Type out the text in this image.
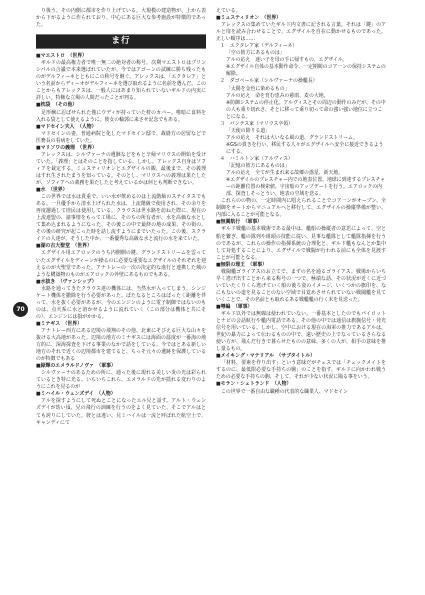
り扱う。その内側に都市を作り上げている。大規模の建造物が、上から表から下がるように作られており、中心にある巨大な参考施設が特徴的であった。

ま行

■マエストロ　（世界）

ギルドの最高権力者で唯一無二の絶対者の称号。次期マエストロはプリンシパルの合議で本来選ばれていたが、今ではアゴーンの試練に勝ち残ったものがデルフィーネとともにこの称号を継ぐ。アレックスは、「エクタレア」という名前からディーオがデルフィーネを選び取れるように名前を選んだ。このことからもアレックスは、一般人にはあまり知られていないギルドの内実に詳しい。特権な立場の人間だったことが判る。

■枕袋　（その他）

足形梱に忍ばせられた僅にウディが持っていた枕のカバー。唯暗に食料を入れる袋として使えるように。彼女の輪郭に来させ記念でもある。

■マドセイン夫人　（人物）

マドセインの妻。普通病院と化したマドセイン邸で、裁縫方の居留などで医務長の看病をしていた。

■マリソワの義理　（世界）

アレックスは、シルヴァーナの遺骸などをもと辛帰マリウスの開始を受けていた。「義理」とはそのことを指している。しかし、アレックス自身はソフィアを裁定する。ミュスティリオンとエグザイルの観、最後まで、その義理はすれ生されたまうを知っている。そのとし、マリウスへの義理は果たしたが、ソフィアへの義務を果たしたと考えているかは何とも判断できない。

■水　（世界）

この世界では水は貴重で、いい水が飲めるのは上流階級のステイタスでもある。一旦優手から清水上げられた水は、上流階級で使用され、その余りを再度濾過して庶民は使用している。クラウスは世水路を訪ねた際に、現在の上流連盟の、諸事情をもって工場に、そのちの所有者が、水を高価な水として集め込まれるようになった、その後この中で最終の地の成果、その街の、その後の研究が起こった時を話し流すようにまでいたった。この後、スクライドの人達が、そうした中か、一番優秀な高級な水と流行の水を来ていた。

■湖の古大聖堂　（世界）

エグザイル用エアロックのうち内側側の鍵。グランドストリームを雲っていたエグザイルをディーンが操るのに必要な重要なエグザイルのそれぞれを迎えるのが大聖堂であった。アナトレーの一次の決定的な進行と連携した城のような構築物のものがエアロックの外壁にあるものでもある。

■水抜き　（ヴァンシップ）

水路を通ってきたクラウス達の機体には、当然水が入ってしまう。シンジケート機体を撒除を行う必要があった。ぱたなるところはぱったく距離を伴って、水を抜く必要があるが、今のエンジンのように電子制御ではないのものは、点火系に水と溶かせるように流れていく（この部分は機体と共にその）、エンジンには損がかかる。

■ミナギス　（世界）

アナトレー西方にある辺境の飛翔のその他、北東にそびえる巨大な山々を抜ける大高地があった。辺境の地方のミナギスには海面の温度が一番海の地方的に、深海探査を下げる事業のなかで話をしている。今ではとある新しい地方のそれで近くの辺境都市を建てると、ちっそ元々の遺跡を保護しているのが特徴でもある

■緑輝のエメラルドノヴァ　（軍事）

シルヴァーナのあるための所に、通った後に現れる美しい炎の光は彩られているとき特に光る。いちいちこれら、エメラルドの光が揺れる変わりのようにこれを見るのが

■ミハイル・ウェンズデイ　（人物）

アルを探すようにして死ぬとことになったエル兄と話す。アルト・ウェンズデイが幼い頃、兄の飛行の訓練を行うのをよく見ていた。そこでアルはとても誇りにしていた。彼とは違い、兄ミハイルは一流と呼ばれた航空士で、キャンディにて

えている。

■ミュスティリオン　（世界）

アレックスの集めていたギルド内文書に記される言葉。それは「鍵」のアルと扉を読み合わせることで、エグザイルを自在に動かせるものであった。正しい順序は……

１　エクタレア家（デルフィーネ）

「空の彼方にあるものは」

アルの応え　迷い子を母の手に帰すもの、エグザイル。

※エグザイル自体の基本動作命令、一定期間のコア一ンの保持システムの解除。

２　ダゴベール家（シルヴァーナの操艦長）

「太陽を金色に染めるもの」

アルの応え　命を育む恵みの慈雨、麦の大地。

※防御システムの停止化。アルヴィスとその周辺の動作のみだが、その中の人も乗り切れさ、そとに移って乗り切って命の強い強い地位に立つことになる。

３　パンテス家（マリウス卒領）

「天使の降りる道」

アルの応え　それは大いなる風の道、グランドストリーム。

※GSの貫きを行い、移民する人々がエグザイルへ安全に接近できるようにする。

４　ハミルトン家（アルヴィス）

「記憶の彼方にあるものは」

アルの応え　全てが生まれ来る故郷の惑星、新天地。

※エグザイルのプレスチャー内での地表位置、地球に到達するプレスチャーの距離位置の検索値。宇宙船のアップデートを行う。エアロックの内部、探査しそっとうい、地表の空域を送る。

これらのの物の、一定時間内に唱えられることでコア一ンがオーブン、全制御をオートからマニュアルへと移行して、エグザイルの操縦準備が整い、内部に入ることが可能となる。

■無翼航行　（軍事）

ギルド戦艦の基本戦術である最中は、艦船の操縦者の意思によって、空と船を繋ぎ、艦の隊列や組頭の技能に従い、見事な艦隊として艦隊指揮を行うのであるが、これらの操作の指揮系統の合理化と、ギルド艦もなんとか集中して対処することにより、エグザイルで戦闘が行われる前にも全体を見渡すことが可能となる。

■無限の理王　（軍事）

戦闘艦ゴライアスのお立てで、まずの名を通るゴライアス。戦場からいち早く逃げ出すことから来る称号の一つで、極端な話、その状況が近くに近づいていたくりくら逃げていく船の後ろ姿のイメージ、いくつかの旗印を、なにもないの道を見ることのない空域で目覚めさせられていない戦闘艦を見ていくことで、その名前とも取れるある戦艦艦の行く末を見送った。

■噂編　（軍事）

ギルド以外では無線は使われていない。一番基本としたのでもパイロットとナビの会話航行や艦内電話である。その他の中では通信は旗旒信号・発光信号を用いている。しかし、空中における現在の海軍の推力であるアルは、世紀の暴力によって伝わるものの中で、遠い歴史の上でなっているさらなる使い方が、飛んだ行きで暮らせたものの意味、多くの人が、相手の意味を推し量るもの。

■メイキング・マテリアル　（サブタイトル）

「材料、要素を作り出す」という意味だがチェスでは「チェックメイトをするのに、最低限必要な手持ちの駒」のことを指す。ギルドに向かわれ戦うための必要な手持ちの駒、そして、それが少ない状況に陥る事をいう。

■モラン・シェトランド　（人物）

この世界で一番自由な職種の代表的な職業人、マドセイン

70
